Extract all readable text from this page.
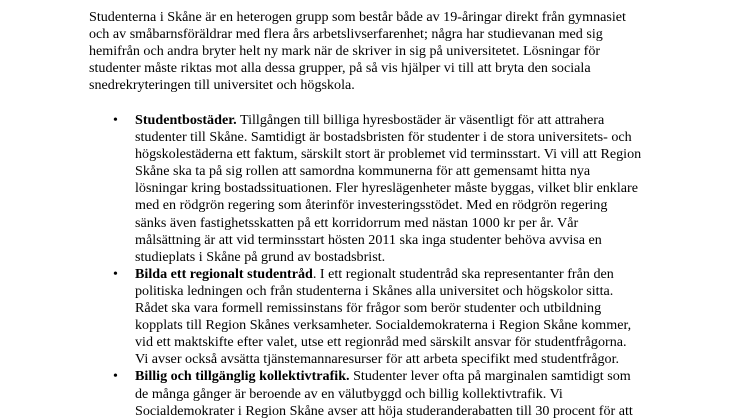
Studenterna i Skåne är en heterogen grupp som består både av 19-åringar direkt från gymnasiet
och av småbarnsföräldrar med flera års arbetslivserfarenhet; några har studievanan med sig
hemifrån och andra bryter helt ny mark när de skriver in sig på universitetet. Lösningar för
studenter måste riktas mot alla dessa grupper, på så vis hjälper vi till att bryta den sociala
snedrekryteringen till universitet och högskola.

• Studentbostäder. Tillgången till billiga hyresbostäder är väsentligt för att attrahera
studenter till Skåne. Samtidigt är bostadsbristen för studenter i de stora universitets- och
högskolestäderna ett faktum, särskilt stort är problemet vid terminsstart. Vi vill att Region
Skåne ska ta på sig rollen att samordna kommunerna för att gemensamt hitta nya
lösningar kring bostadssituationen. Fler hyreslägenheter måste byggas, vilket blir enklare
med en rödgrön regering som återinför investeringsstödet. Med en rödgrön regering
sänks även fastighetsskatten på ett korridorrum med nästan 1000 kr per år. Vår
målsättning är att vid terminsstart hösten 2011 ska inga studenter behöva avvisa en
studieplats i Skåne på grund av bostadsbrist.
• Bilda ett regionalt studentråd. I ett regionalt studentråd ska representanter från den
politiska ledningen och från studenterna i Skånes alla universitet och högskolor sitta.
Rådet ska vara formell remissinstans för frågor som berör studenter och utbildning
kopplats till Region Skånes verksamheter. Socialdemokraterna i Region Skåne kommer,
vid ett maktskifte efter valet, utse ett regionråd med särskilt ansvar för studentfrågorna.
Vi avser också avsätta tjänstemannaresurser för att arbeta specifikt med studentfrågor.
• Billig och tillgänglig kollektivtrafik. Studenter lever ofta på marginalen samtidigt som
de många gånger är beroende av en välutbyggd och billig kollektivtrafik. Vi
Socialdemokrater i Region Skåne avser att höja studeranderabatten till 30 procent för att
